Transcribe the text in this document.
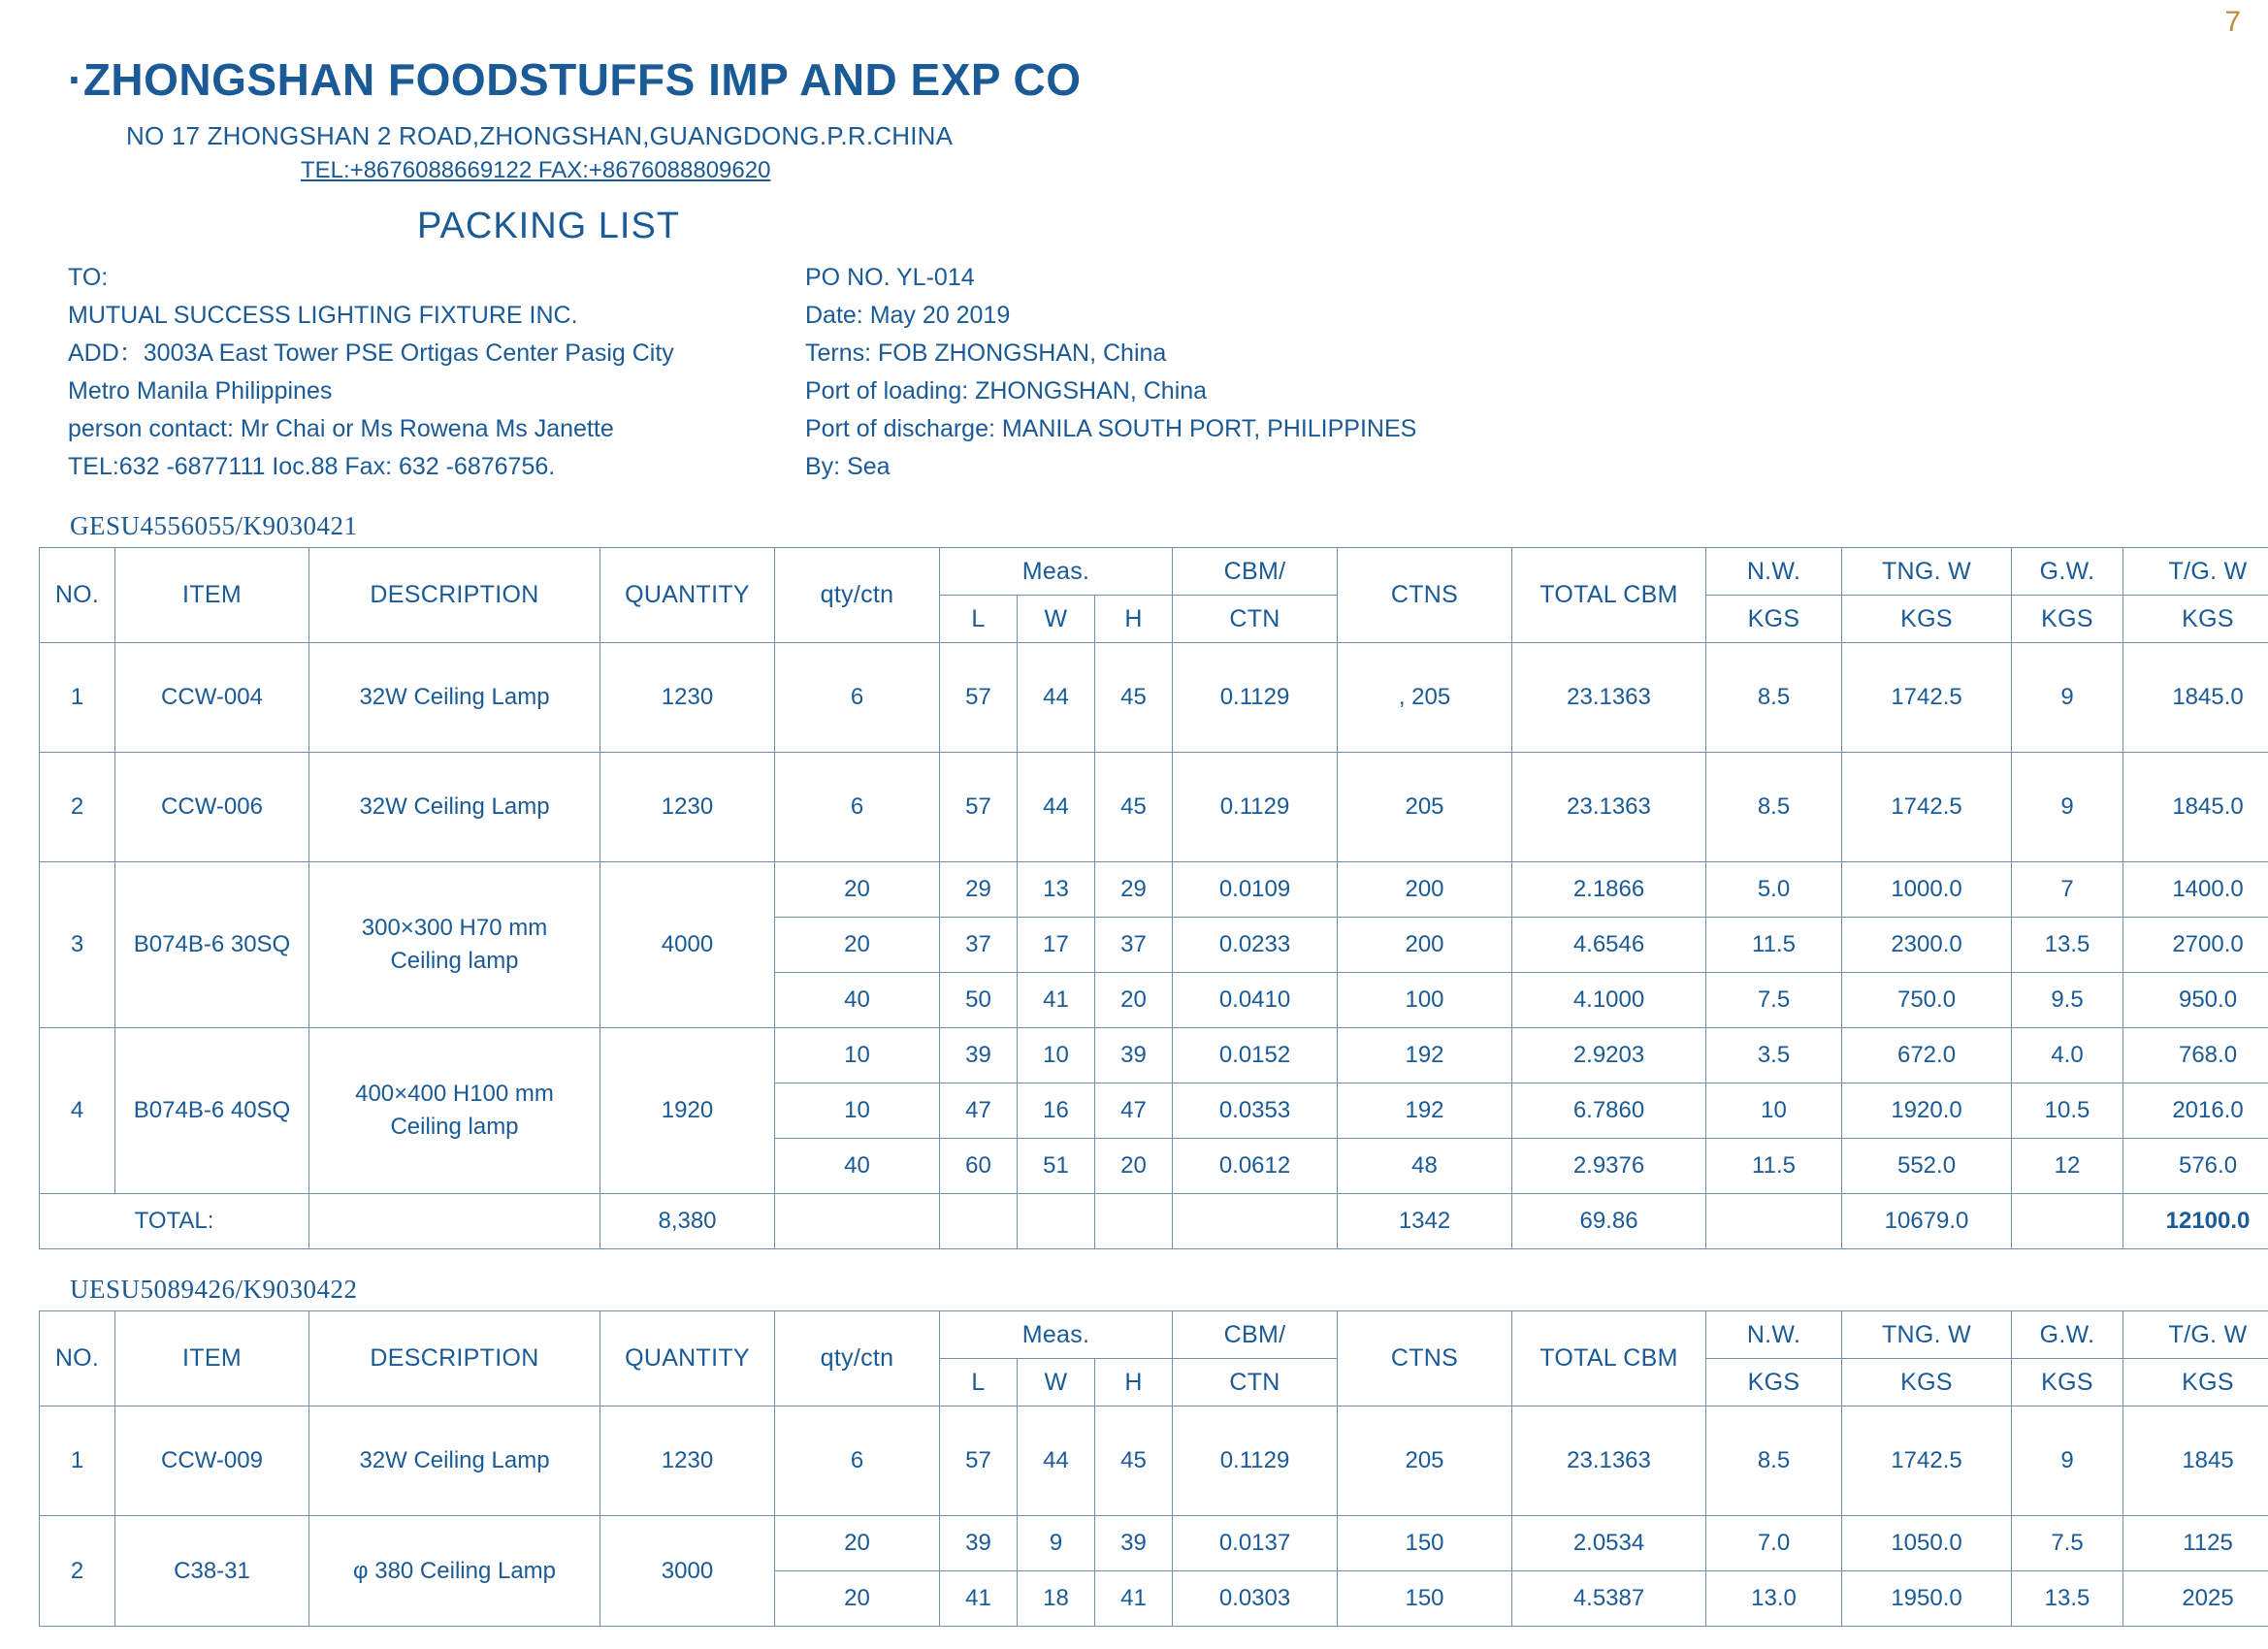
7
·ZHONGSHAN FOODSTUFFS IMP AND EXP CO
NO 17 ZHONGSHAN 2 ROAD,ZHONGSHAN,GUANGDONG.P.R.CHINA
TEL:+8676088669122 FAX:+8676088809620
PACKING LIST
TO:
MUTUAL SUCCESS LIGHTING FIXTURE INC.
ADD：3003A East Tower PSE Ortigas Center Pasig City
Metro Manila Philippines
person contact: Mr Chai or Ms Rowena Ms Janette
TEL:632 -6877111 Ioc.88 Fax: 632 -6876756.
PO NO. YL-014
Date: May 20 2019
Terns: FOB ZHONGSHAN, China
Port of loading: ZHONGSHAN, China
Port of discharge: MANILA SOUTH PORT, PHILIPPINES
By: Sea
GESU4556055/K9030421
NO.	ITEM	DESCRIPTION	QUANTITY	qty/ctn	Meas.			CBM/	CTNS	TOTAL CBM	N.W.	TNG. W	G.W.	T/G. W
					L	W	H	CTN			KGS	KGS	KGS	KGS
1	CCW-004	32W Ceiling Lamp	1230	6	57	44	45	0.1129	, 205	23.1363	8.5	1742.5	9	1845.0
2	CCW-006	32W Ceiling Lamp	1230	6	57	44	45	0.1129	205	23.1363	8.5	1742.5	9	1845.0
3	B074B-6 30SQ	300×300 H70 mm
Ceiling lamp	4000	20	29	13	29	0.0109	200	2.1866	5.0	1000.0	7	1400.0
				20	37	17	37	0.0233	200	4.6546	11.5	2300.0	13.5	2700.0
				40	50	41	20	0.0410	100	4.1000	7.5	750.0	9.5	950.0
4	B074B-6 40SQ	400×400 H100 mm
Ceiling lamp	1920	10	39	10	39	0.0152	192	2.9203	3.5	672.0	4.0	768.0
				10	47	16	47	0.0353	192	6.7860	10	1920.0	10.5	2016.0
				40	60	51	20	0.0612	48	2.9376	11.5	552.0	12	576.0
TOTAL:			8,380						1342	69.86		10679.0		12100.0
UESU5089426/K9030422
NO.	ITEM	DESCRIPTION	QUANTITY	qty/ctn	Meas.			CBM/	CTNS	TOTAL CBM	N.W.	TNG. W	G.W.	T/G. W
					L	W	H	CTN			KGS	KGS	KGS	KGS
1	CCW-009	32W Ceiling Lamp	1230	6	57	44	45	0.1129	205	23.1363	8.5	1742.5	9	1845
2	C38-31	φ 380 Ceiling Lamp	3000	20	39	9	39	0.0137	150	2.0534	7.0	1050.0	7.5	1125
				20	41	18	41	0.0303	150	4.5387	13.0	1950.0	13.5	2025
